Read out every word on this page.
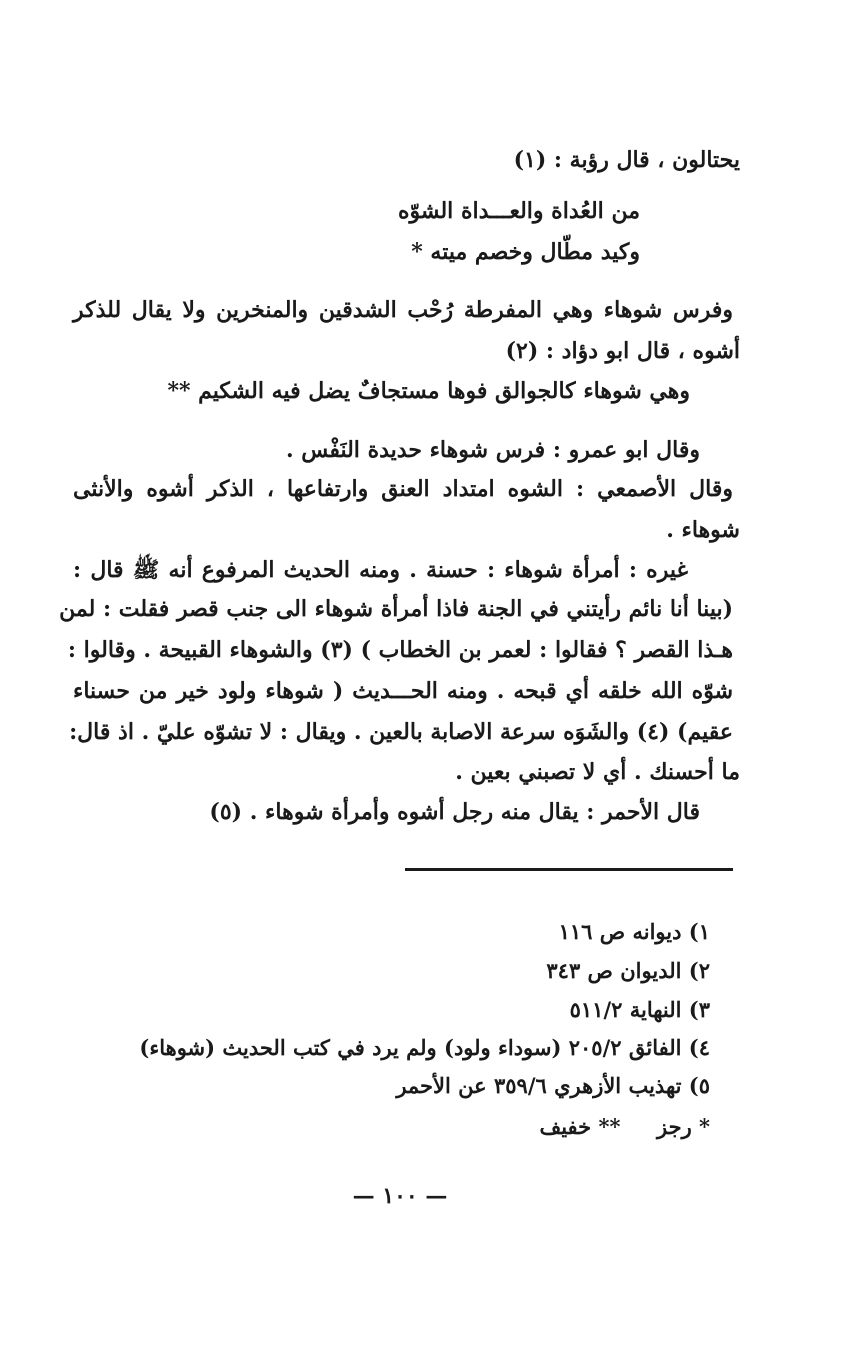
يحتالون ، قال رؤبة : (١)
من العُداة والعـــداة الشوّه
وكيد مطّال وخصم ميته *
وفرس شوهاء وهي المفرطة رُحْب الشدقين والمنخرين ولا يقال للذكر
أشوه ، قال ابو دؤاد : (٢)
وهي شوهاء كالجوالق فوها مستجافٌ يضل فيه الشكيم **
وقال ابو عمرو : فرس شوهاء حديدة النَفْس .
وقال الأصمعي : الشوه امتداد العنق وارتفاعها ، الذكر أشوه والأنثى
شوهاء .
غيره : أمرأة شوهاء : حسنة . ومنه الحديث المرفوع أنه ﷺ قال :
(بينا أنا نائم رأيتني في الجنة فاذا أمرأة شوهاء الى جنب قصر فقلت : لمن
هـذا القصر ؟ فقالوا : لعمر بن الخطاب ) (٣) والشوهاء القبيحة . وقالوا :
شوّه الله خلقه أي قبحه . ومنه الحـــديث ( شوهاء ولود خير من حسناء
عقيم) (٤) والشَوَه سرعة الاصابة بالعين . ويقال : لا تشوّه عليّ . اذ قال:
ما أحسنك . أي لا تصبني بعين .
قال الأحمر : يقال منه رجل أشوه وأمرأة شوهاء . (٥)
١) ديوانه ص ١١٦
٢) الديوان ص ٣٤٣
٣) النهاية ٥١١/٢
٤) الفائق ٢٠٥/٢ (سوداء ولود) ولم يرد في كتب الحديث (شوهاء)
٥) تهذيب الأزهري ٣٥٩/٦ عن الأحمر
* رجز     ** خفيف
— ١٠٠ —
